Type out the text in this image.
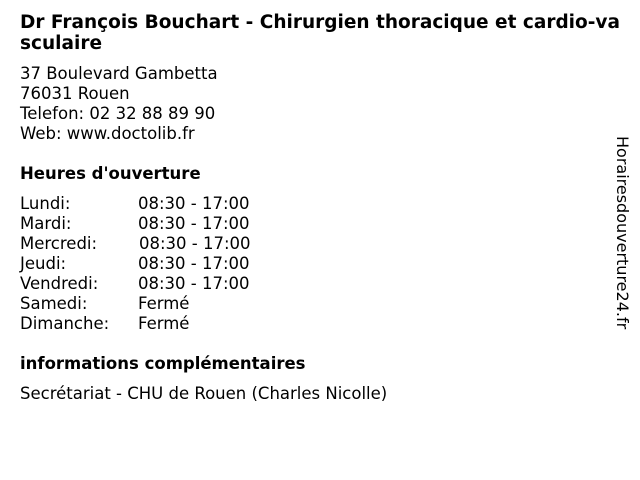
Dr François Bouchart - Chirurgien thoracique et cardio-vasculaire
37 Boulevard Gambetta
76031 Rouen
Telefon: 02 32 88 89 90
Web: www.doctolib.fr
Heures d'ouverture
Lundi:	08:30 - 17:00
Mardi:	08:30 - 17:00
Mercredi:	08:30 - 17:00
Jeudi:	08:30 - 17:00
Vendredi: 08:30 - 17:00
Samedi:	Fermé
Dimanche: Fermé
informations complémentaires
Secrétariat - CHU de Rouen (Charles Nicolle)
Horairesdouverture24.fr
